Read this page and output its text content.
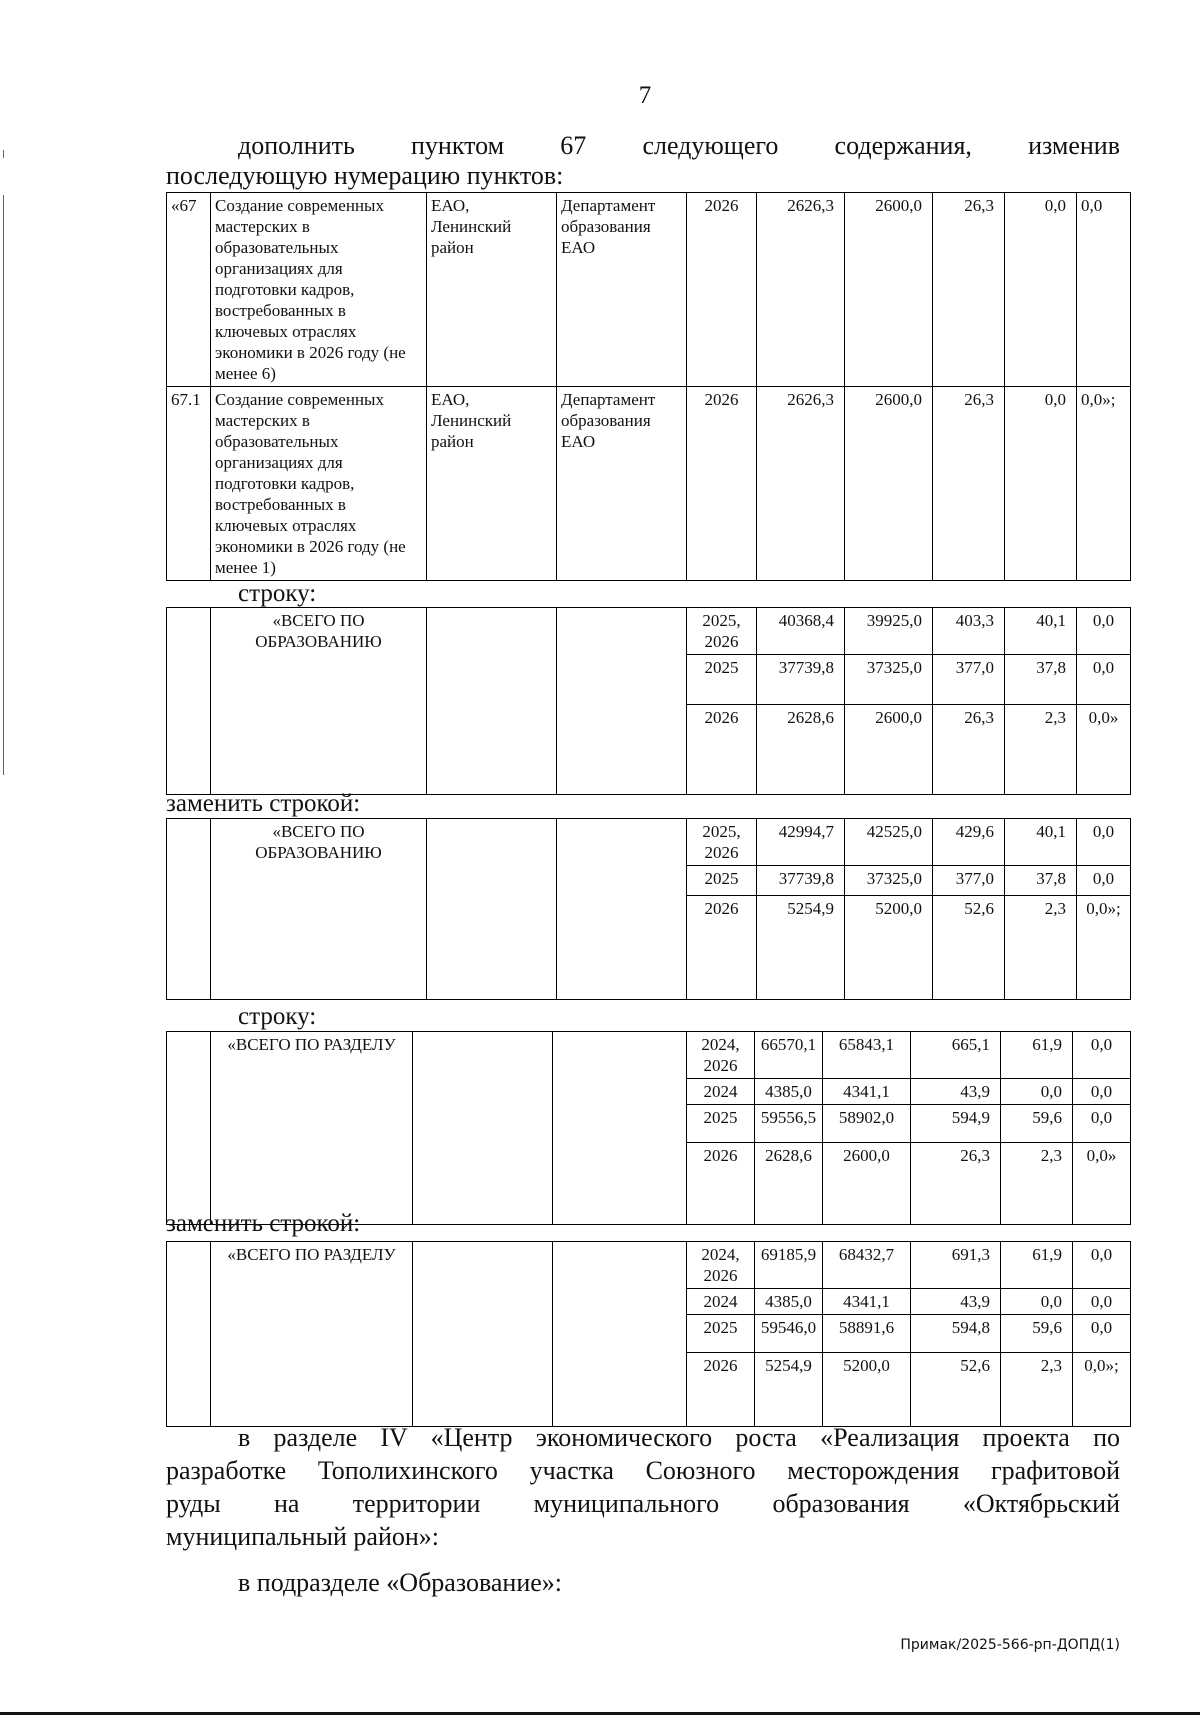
7
дополнить пунктом 67 следующего содержания, изменив
последующую нумерацию пунктов:
«67	Создание современных мастерских в образовательных организациях для подготовки кадров, востребованных в ключевых отраслях экономики в 2026 году (не менее 6)	ЕАО, Ленинский район	Департамент образования ЕАО	2026	2626,3	2600,0	26,3	0,0	0,0
67.1	Создание современных мастерских в образовательных организациях для подготовки кадров, востребованных в ключевых отраслях экономики в 2026 году (не менее 1)	ЕАО, Ленинский район	Департамент образования ЕАО	2026	2626,3	2600,0	26,3	0,0	0,0»;
строку:
	«ВСЕГО ПО ОБРАЗОВАНИЮ			2025, 2026	40368,4	39925,0	403,3	40,1	0,0
				2025	37739,8	37325,0	377,0	37,8	0,0
				2026	2628,6	2600,0	26,3	2,3	0,0»
заменить строкой:
	«ВСЕГО ПО ОБРАЗОВАНИЮ			2025, 2026	42994,7	42525,0	429,6	40,1	0,0
				2025	37739,8	37325,0	377,0	37,8	0,0
				2026	5254,9	5200,0	52,6	2,3	0,0»;
строку:
	«ВСЕГО ПО РАЗДЕЛУ			2024, 2026	66570,1	65843,1	665,1	61,9	0,0
				2024	4385,0	4341,1	43,9	0,0	0,0
				2025	59556,5	58902,0	594,9	59,6	0,0
				2026	2628,6	2600,0	26,3	2,3	0,0»
заменить строкой:
	«ВСЕГО ПО РАЗДЕЛУ			2024, 2026	69185,9	68432,7	691,3	61,9	0,0
				2024	4385,0	4341,1	43,9	0,0	0,0
				2025	59546,0	58891,6	594,8	59,6	0,0
				2026	5254,9	5200,0	52,6	2,3	0,0»;
в разделе IV «Центр экономического роста «Реализация проекта по
разработке Тополихинского участка Союзного месторождения графитовой
руды на территории муниципального образования «Октябрьский
муниципальный район»:
в подразделе «Образование»:
Примак/2025-566-рп-ДОПД(1)
